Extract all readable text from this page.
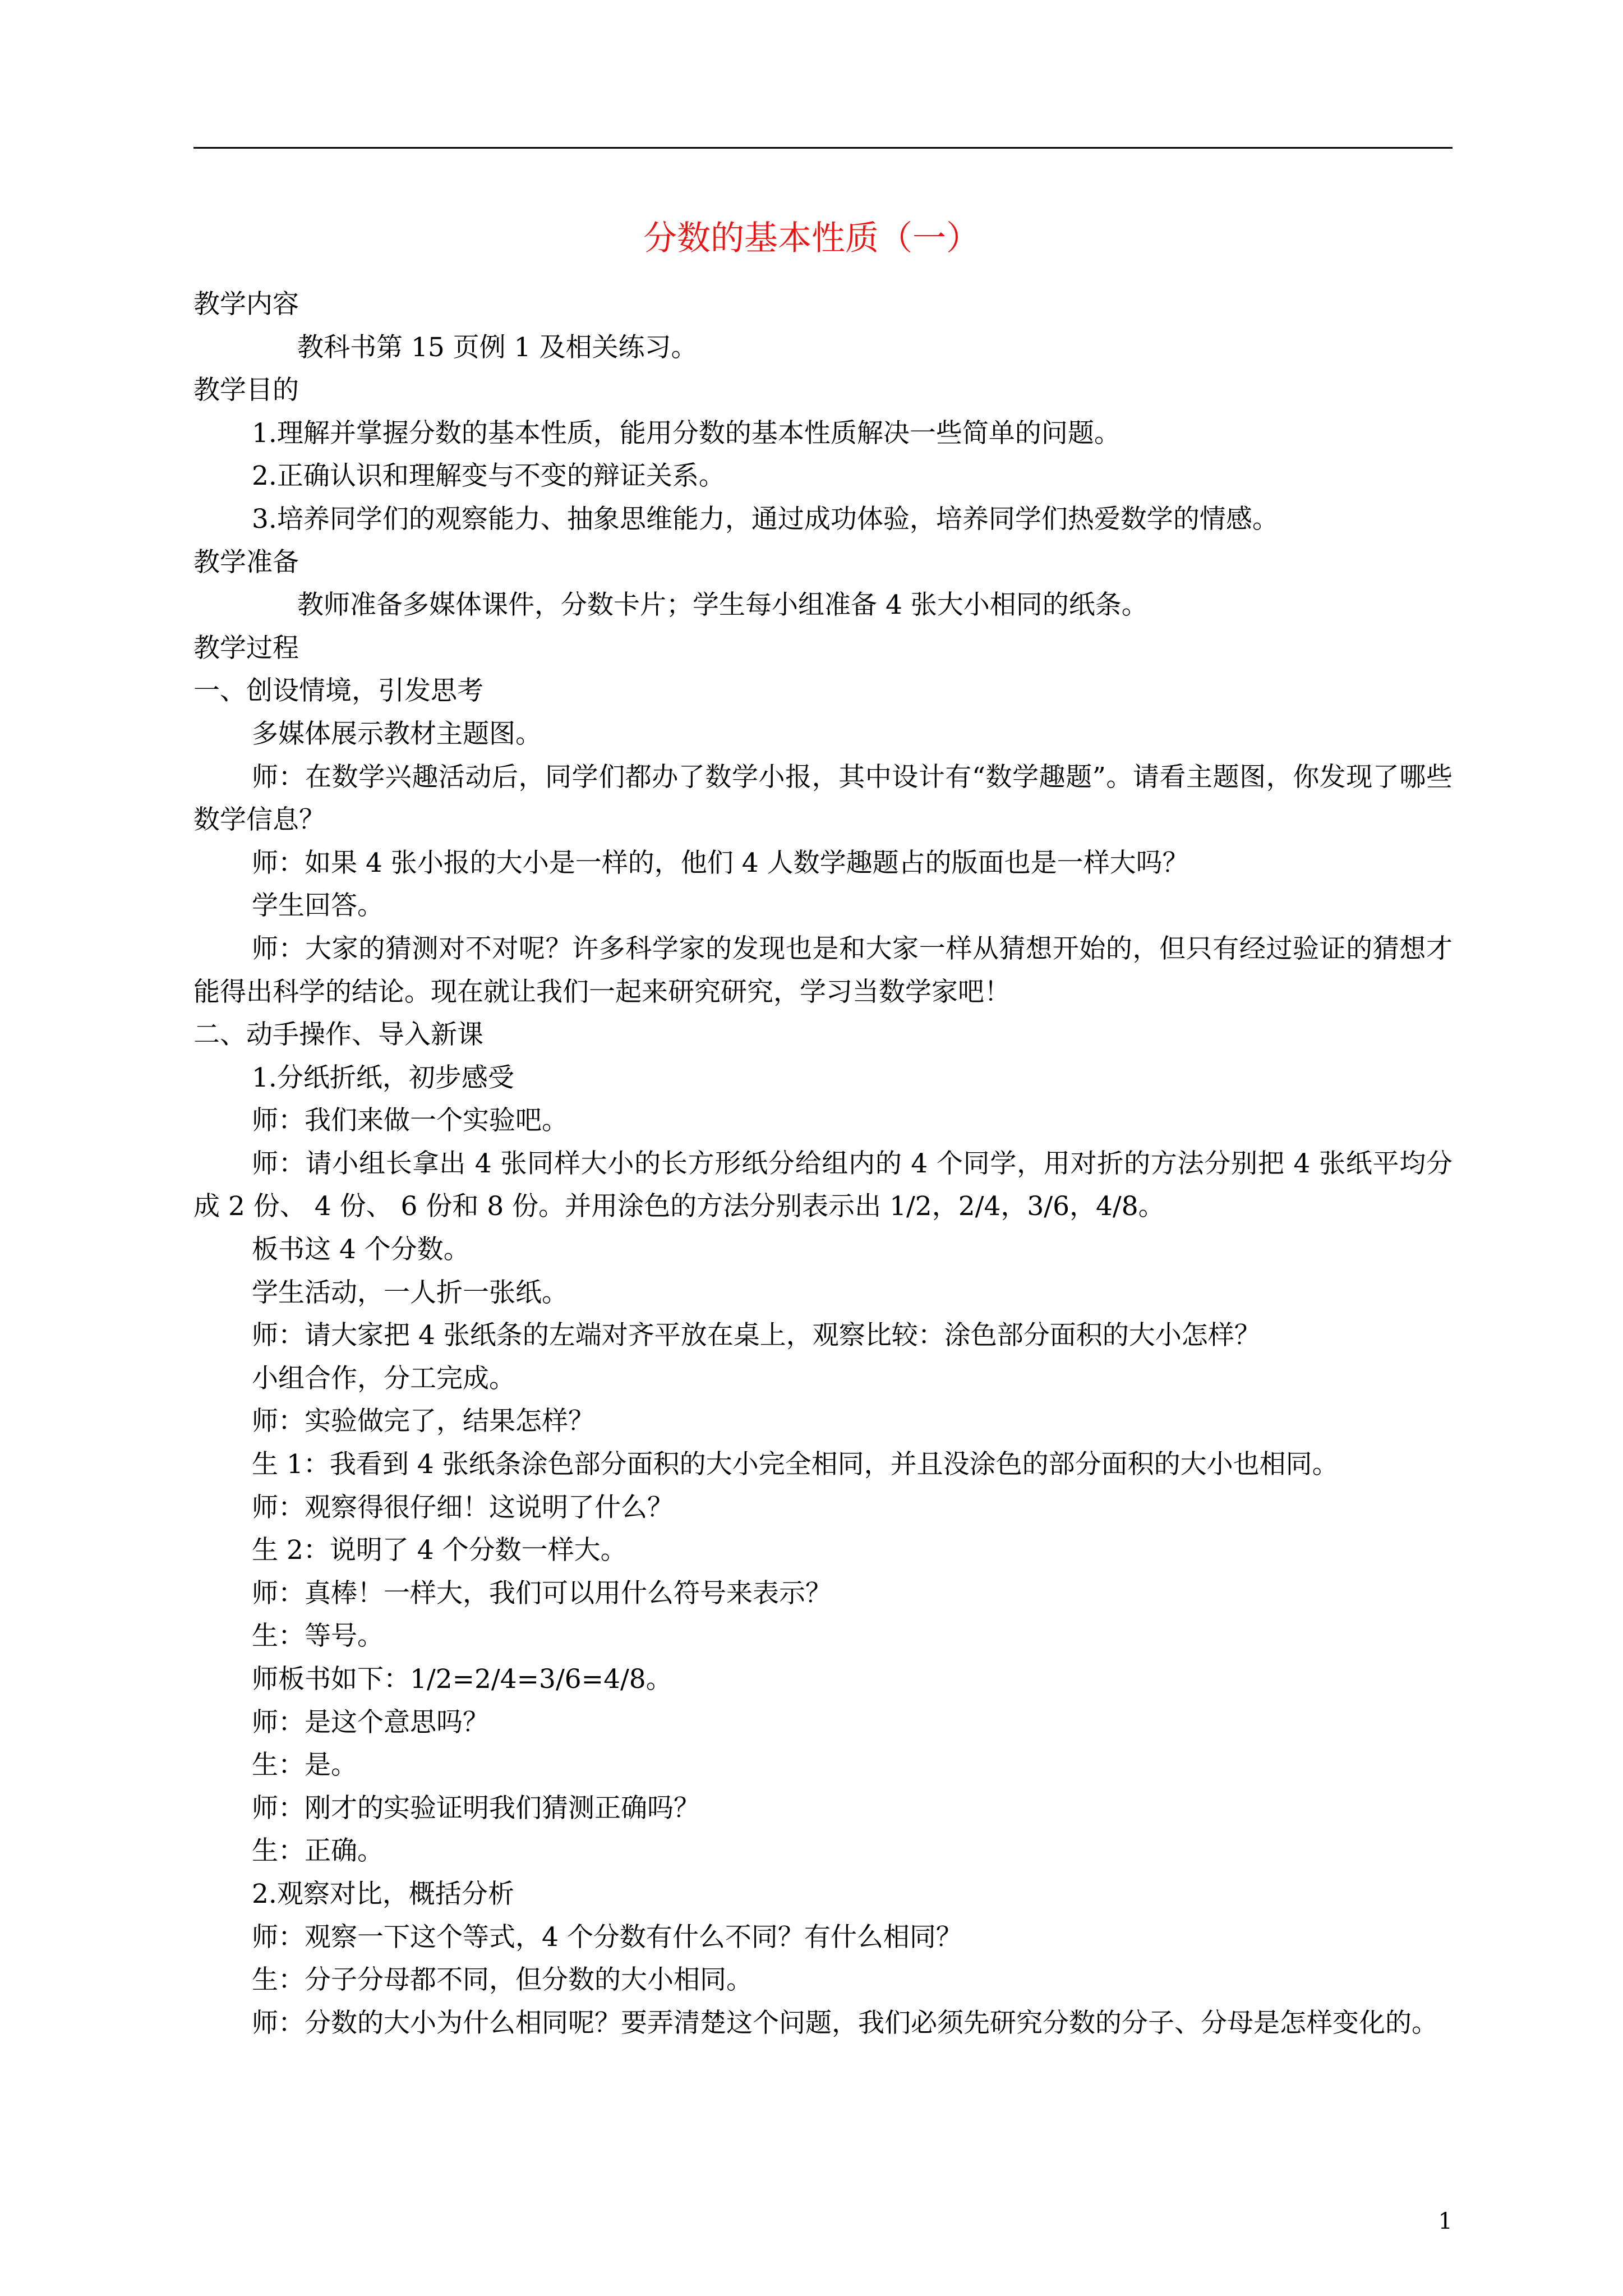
分数的基本性质（一）
教学内容
教科书第 15 页例 1 及相关练习。
教学目的
1.理解并掌握分数的基本性质，能用分数的基本性质解决一些简单的问题。
2.正确认识和理解变与不变的辩证关系。
3.培养同学们的观察能力、抽象思维能力，通过成功体验，培养同学们热爱数学的情感。
教学准备
教师准备多媒体课件，分数卡片；学生每小组准备 4 张大小相同的纸条。
教学过程
一、创设情境，引发思考
多媒体展示教材主题图。
师：在数学兴趣活动后，同学们都办了数学小报，其中设计有“数学趣题”。请看主题图，你发现了哪些数学信息？
师：如果 4 张小报的大小是一样的，他们 4 人数学趣题占的版面也是一样大吗？
学生回答。
师：大家的猜测对不对呢？许多科学家的发现也是和大家一样从猜想开始的，但只有经过验证的猜想才能得出科学的结论。现在就让我们一起来研究研究，学习当数学家吧！
二、动手操作、导入新课
1.分纸折纸，初步感受
师：我们来做一个实验吧。
师：请小组长拿出 4 张同样大小的长方形纸分给组内的 4 个同学，用对折的方法分别把 4 张纸平均分成 2 份、 4 份、 6 份和 8 份。并用涂色的方法分别表示出 1/2，2/4，3/6，4/8。
板书这 4 个分数。
学生活动，一人折一张纸。
师：请大家把 4 张纸条的左端对齐平放在桌上，观察比较：涂色部分面积的大小怎样？
小组合作，分工完成。
师：实验做完了，结果怎样？
生 1：我看到 4 张纸条涂色部分面积的大小完全相同，并且没涂色的部分面积的大小也相同。
师：观察得很仔细！这说明了什么？
生 2：说明了 4 个分数一样大。
师：真棒！一样大，我们可以用什么符号来表示？
生：等号。
师板书如下：1/2=2/4=3/6=4/8。
师：是这个意思吗？
生：是。
师：刚才的实验证明我们猜测正确吗？
生：正确。
2.观察对比，概括分析
师：观察一下这个等式，4 个分数有什么不同？有什么相同？
生：分子分母都不同，但分数的大小相同。
师：分数的大小为什么相同呢？要弄清楚这个问题，我们必须先研究分数的分子、分母是怎样变化的。
1
